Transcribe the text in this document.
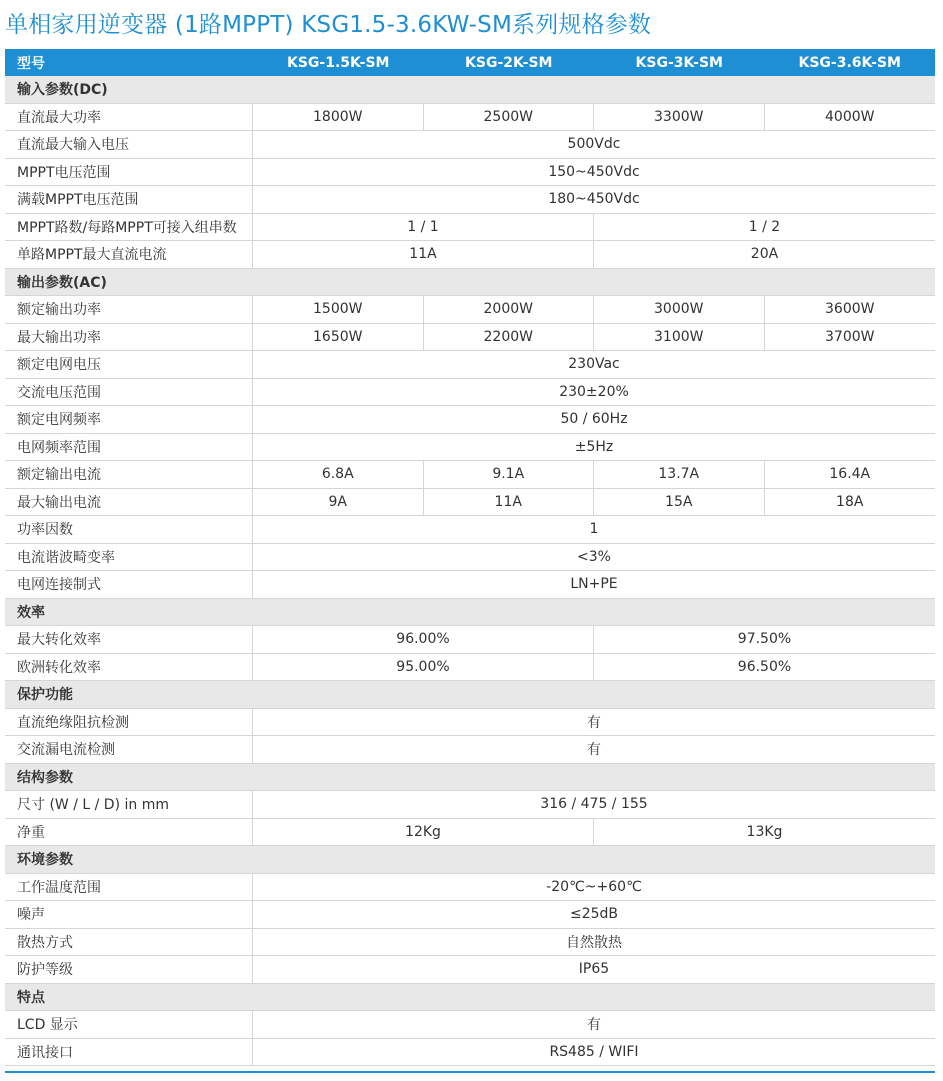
单相家用逆变器 (1路MPPT) KSG1.5-3.6KW-SM系列规格参数
型号	KSG-1.5K-SM	KSG-2K-SM	KSG-3K-SM	KSG-3.6K-SM
输入参数(DC)
直流最大功率	1800W	2500W	3300W	4000W
直流最大输入电压	500Vdc
MPPT电压范围	150~450Vdc
满载MPPT电压范围	180~450Vdc
MPPT路数/每路MPPT可接入组串数	1 / 1	1 / 2
单路MPPT最大直流电流	11A	20A
输出参数(AC)
额定输出功率	1500W	2000W	3000W	3600W
最大输出功率	1650W	2200W	3100W	3700W
额定电网电压	230Vac
交流电压范围	230±20%
额定电网频率	50 / 60Hz
电网频率范围	±5Hz
额定输出电流	6.8A	9.1A	13.7A	16.4A
最大输出电流	9A	11A	15A	18A
功率因数	1
电流谐波畸变率	<3%
电网连接制式	LN+PE
效率
最大转化效率	96.00%	97.50%
欧洲转化效率	95.00%	96.50%
保护功能
直流绝缘阻抗检测	有
交流漏电流检测	有
结构参数
尺寸 (W / L / D) in mm	316 / 475 / 155
净重	12Kg	13Kg
环境参数
工作温度范围	-20℃~+60℃
噪声	≤25dB
散热方式	自然散热
防护等级	IP65
特点
LCD 显示	有
通讯接口	RS485 / WIFI
